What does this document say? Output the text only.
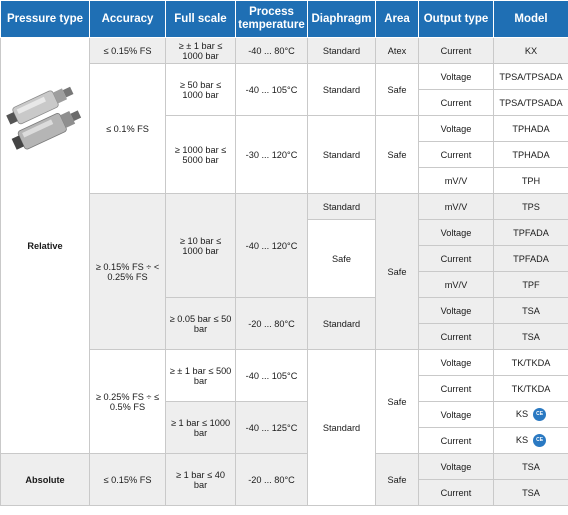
Pressure type	Accuracy	Full scale	Process temperature	Diaphragm	Area	Output type	Model

Relative	≤ 0.15% FS	≥ ± 1 bar ≤ 1000 bar	-40 ... 80°C	Standard	Atex	Current	KX
	≤ 0.1% FS	≥ 50 bar ≤ 1000 bar	-40 ... 105°C	Standard	Safe	Voltage	TPSA/TPSADA
						Current	TPSA/TPSADA
		≥ 1000 bar ≤ 5000 bar	-30 ... 120°C	Standard	Safe	Voltage	TPHADA
						Current	TPHADA
						mV/V	TPH
	≥ 0.15% FS ÷ < 0.25% FS	≥ 10 bar ≤ 1000 bar	-40 ... 120°C	Standard	Safe	mV/V	TPS
				Safe		Voltage	TPFADA
						Current	TPFADA
						mV/V	TPF
		≥ 0.05 bar ≤ 50 bar	-20 ... 80°C	Standard		Voltage	TSA
						Current	TSA
	≥ 0.25% FS ÷ ≤ 0.5% FS	≥ ± 1 bar ≤ 500 bar	-40 ... 105°C	Standard	Safe	Voltage	TK/TKDA
						Current	TK/TKDA
		≥ 1 bar ≤ 1000 bar	-40 ... 125°C			Voltage	KS CE
						Current	KS CE
Absolute	≤ 0.15% FS	≥ 1 bar ≤ 40 bar	-20 ... 80°C		Safe	Voltage	TSA
						Current	TSA
